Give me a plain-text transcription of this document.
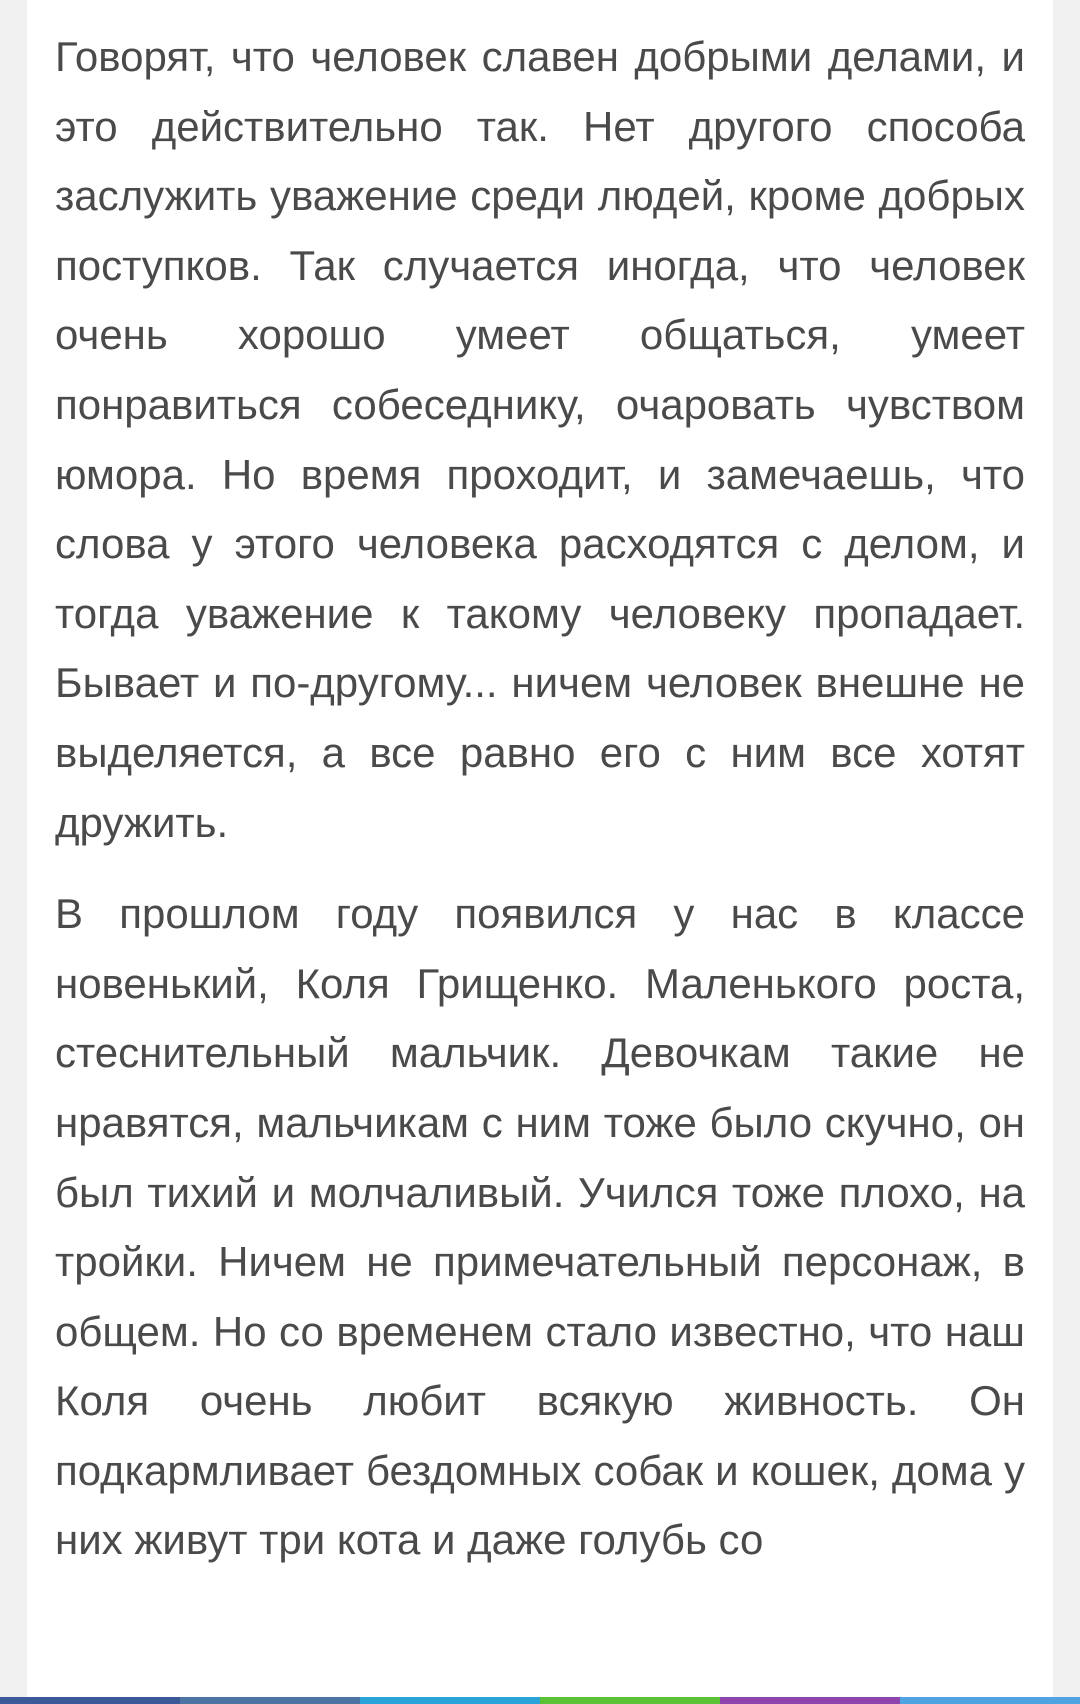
Говорят, что человек славен добрыми делами, и это действительно так. Нет другого способа заслужить уважение среди людей, кроме добрых поступков. Так случается иногда, что человек очень хорошо умеет общаться, умеет понравиться собеседнику, очаровать чувством юмора. Но время проходит, и замечаешь, что слова у этого человека расходятся с делом, и тогда уважение к такому человеку пропадает. Бывает и по-другому... ничем человек внешне не выделяется, а все равно его с ним все хотят дружить.

В прошлом году появился у нас в классе новенький, Коля Грищенко. Маленького роста, стеснительный мальчик. Девочкам такие не нравятся, мальчикам с ним тоже было скучно, он был тихий и молчаливый. Учился тоже плохо, на тройки. Ничем не примечательный персонаж, в общем. Но со временем стало известно, что наш Коля очень любит всякую живность. Он подкармливает бездомных собак и кошек, дома у них живут три кота и даже голубь со
